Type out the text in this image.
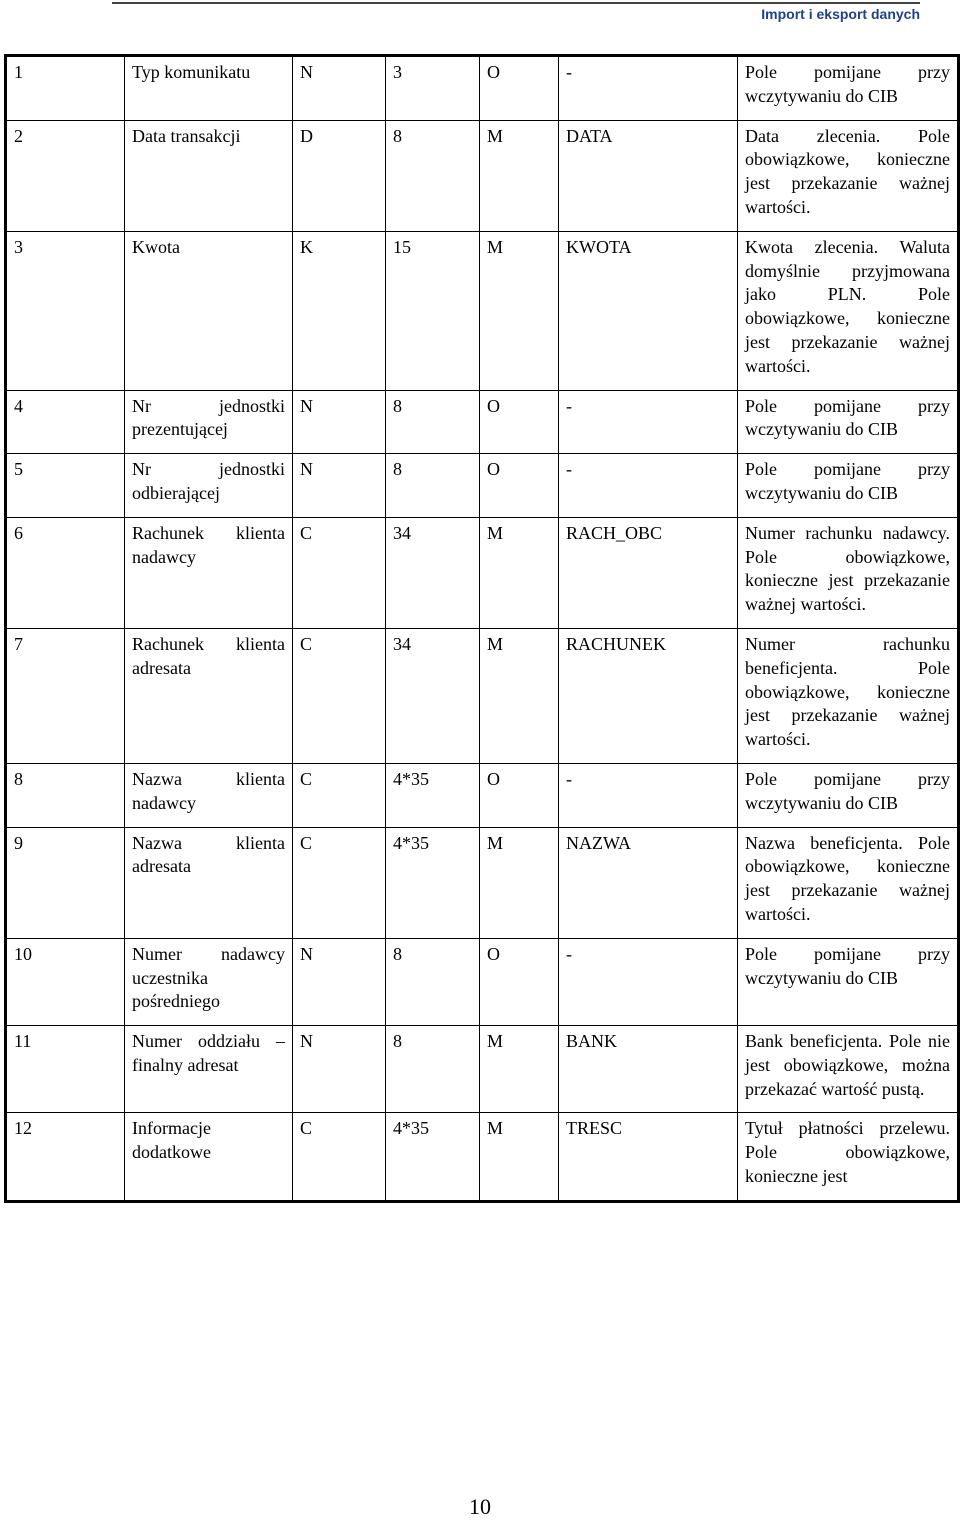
Import i eksport danych
1	Typ komunikatu	N	3	O	-	Pole pomijane przy wczytywaniu do CIB
2	Data transakcji	D	8	M	DATA	Data zlecenia. Pole obowiązkowe, konieczne jest przekazanie ważnej wartości.
3	Kwota	K	15	M	KWOTA	Kwota zlecenia. Waluta domyślnie przyjmowana jako PLN. Pole obowiązkowe, konieczne jest przekazanie ważnej wartości.
4	Nr jednostki prezentującej	N	8	O	-	Pole pomijane przy wczytywaniu do CIB
5	Nr jednostki odbierającej	N	8	O	-	Pole pomijane przy wczytywaniu do CIB
6	Rachunek klienta nadawcy	C	34	M	RACH_OBC	Numer rachunku nadawcy. Pole obowiązkowe, konieczne jest przekazanie ważnej wartości.
7	Rachunek klienta adresata	C	34	M	RACHUNEK	Numer rachunku beneficjenta. Pole obowiązkowe, konieczne jest przekazanie ważnej wartości.
8	Nazwa klienta nadawcy	C	4*35	O	-	Pole pomijane przy wczytywaniu do CIB
9	Nazwa klienta adresata	C	4*35	M	NAZWA	Nazwa beneficjenta. Pole obowiązkowe, konieczne jest przekazanie ważnej wartości.
10	Numer nadawcy uczestnika pośredniego	N	8	O	-	Pole pomijane przy wczytywaniu do CIB
11	Numer oddziału – finalny adresat	N	8	M	BANK	Bank beneficjenta. Pole nie jest obowiązkowe, można przekazać wartość pustą.
12	Informacje dodatkowe	C	4*35	M	TRESC	Tytuł płatności przelewu. Pole obowiązkowe, konieczne jest
10
